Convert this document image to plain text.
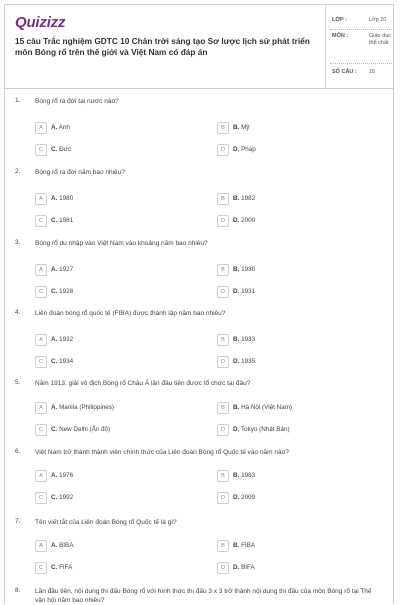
Quizizz
15 câu Trắc nghiệm GDTC 10 Chân trời sáng tạo Sơ lược lịch sử phát triển môn Bóng rổ trên thế giới và Việt Nam có đáp án
LỚP :	Lớp 10
MÔN :	Giáo dục thể chất
SỐ CÂU : 15
1. Bóng rổ ra đời tại nước nào?
A	A. Anh	B	B. Mỹ
C	C. Đức	D	D. Pháp
2. Bóng rổ ra đời năm bao nhiêu?
A	A. 1980	B	B. 1982
C	C. 1981	D	D. 2000
3. Bóng rổ du nhập vào Việt Nam vào khoảng năm bao nhiêu?
A	A. 1927	B	B. 1930
C	C. 1928	D	D. 1931
4. Liên đoàn bóng rổ quốc tế (FIBA) được thành lập năm bao nhiêu?
A	A. 1932	B	B. 1933
C	C. 1934	D	D. 1935
5. Năm 1913, giải vô địch Bóng rổ Châu Á lần đầu tiên được tổ chức tại đâu?
A	A. Manila (Philippines)	B	B. Hà Nội (Việt Nam)
C	C. New Delhi (Ấn độ)	D	D. Tokyo (Nhật Bản)
6. Việt Nam trở thành thành viên chính thức của Liên đoàn Bóng rổ Quốc tế vào năm nào?
A	A. 1976	B	B. 1983
C	C. 1992	D	D. 2009
7. Tên viết tắt của Liên đoàn Bóng rổ Quốc tế là gì?
A	A. BIBA	B	B. FIBA
C	C. FIFA	D	D. BIFA
8. Lần đầu tiên, nội dung thi đấu Bóng rổ với hình thức thi đấu 3 x 3 trở thành nội dung thi đấu của môn Bóng rổ tại Thế vận hội năm bao nhiêu?
